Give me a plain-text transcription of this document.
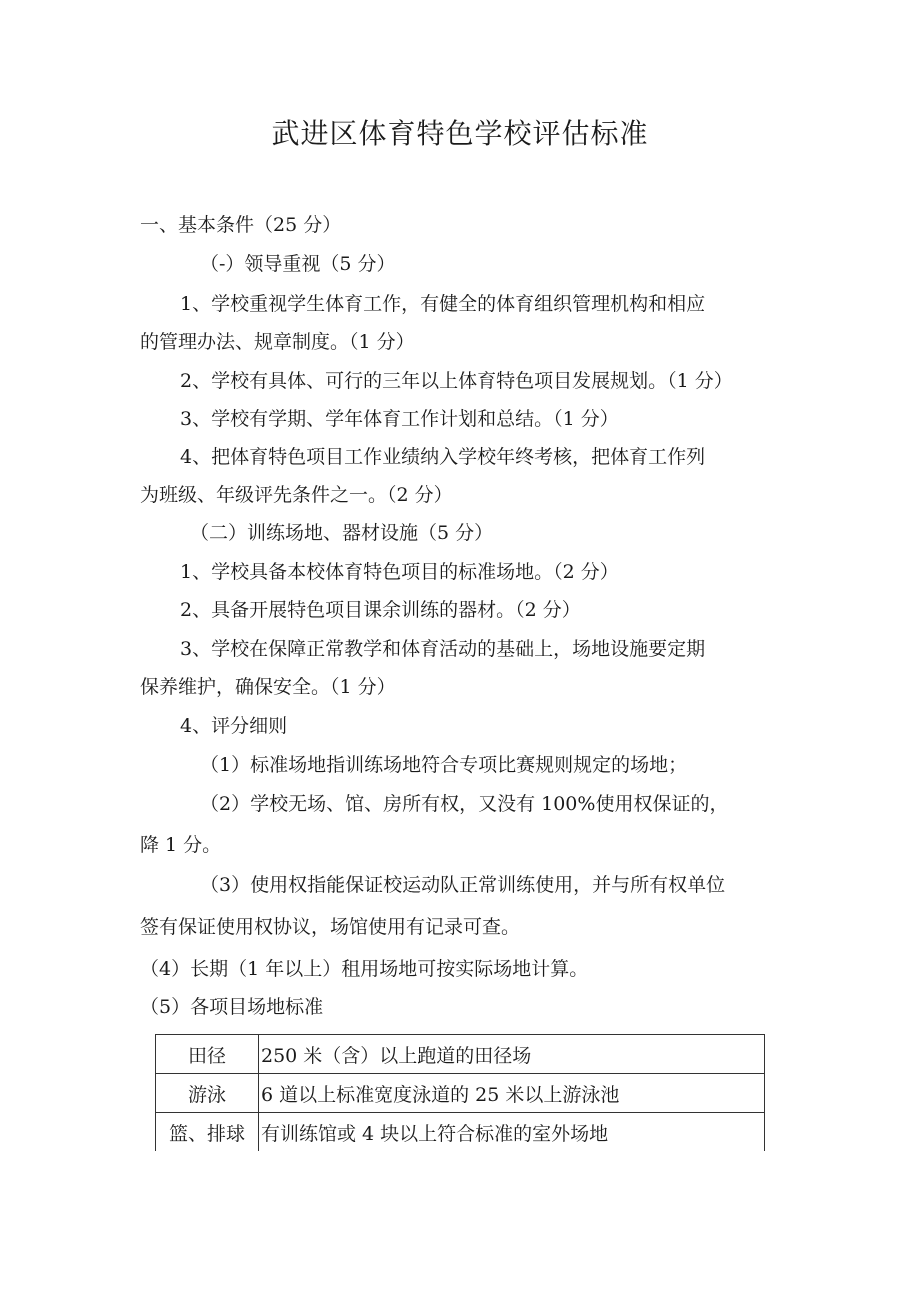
武进区体育特色学校评估标准

一、基本条件（25 分）

（-）领导重视（5 分）

1、学校重视学生体育工作，有健全的体育组织管理机构和相应

的管理办法、规章制度。（1 分）

2、学校有具体、可行的三年以上体育特色项目发展规划。（1 分）

3、学校有学期、学年体育工作计划和总结。（1 分）

4、把体育特色项目工作业绩纳入学校年终考核，把体育工作列

为班级、年级评先条件之一。（2 分）

（二）训练场地、器材设施（5 分）

1、学校具备本校体育特色项目的标准场地。（2 分）

2、具备开展特色项目课余训练的器材。（2 分）

3、学校在保障正常教学和体育活动的基础上，场地设施要定期

保养维护，确保安全。（1 分）

4、评分细则

（1）标准场地指训练场地符合专项比赛规则规定的场地；

（2）学校无场、馆、房所有权，又没有 100%使用权保证的，

降 1 分。

（3）使用权指能保证校运动队正常训练使用，并与所有权单位

签有保证使用权协议，场馆使用有记录可查。

（4）长期（1 年以上）租用场地可按实际场地计算。

（5）各项目场地标准

田径	250 米（含）以上跑道的田径场
游泳	6 道以上标准宽度泳道的 25 米以上游泳池
篮、排球	有训练馆或 4 块以上符合标准的室外场地
